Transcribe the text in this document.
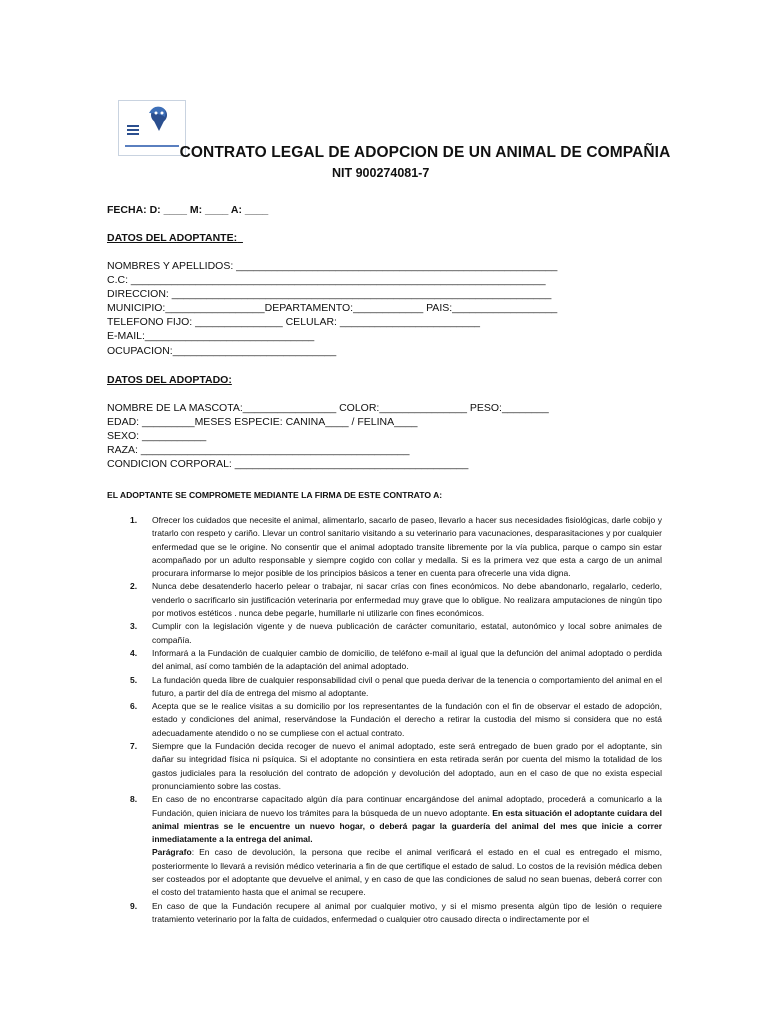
CONTRATO LEGAL DE ADOPCION DE UN ANIMAL DE COMPAÑIA
NIT 900274081-7
FECHA: D: ____ M: ____ A: ____
DATOS DEL ADOPTANTE:
NOMBRES Y APELLIDOS: _______________________________________________________
C.C: _______________________________________________________________________
DIRECCION: _________________________________________________________________
MUNICIPIO:_________________DEPARTAMENTO:____________ PAIS:__________________
TELEFONO FIJO: _______________ CELULAR: ________________________
E-MAIL:_____________________________
OCUPACION:____________________________
DATOS DEL ADOPTADO:
NOMBRE DE LA MASCOTA:________________ COLOR:_______________ PESO:________
EDAD: _________MESES ESPECIE: CANINA____ / FELINA____
SEXO: ___________
RAZA: ______________________________________________
CONDICION CORPORAL: ________________________________________
EL ADOPTANTE SE COMPROMETE MEDIANTE LA FIRMA DE ESTE CONTRATO A:
1. Ofrecer los cuidados que necesite el animal, alimentarlo, sacarlo de paseo, llevarlo a hacer sus necesidades fisiológicas, darle cobijo y tratarlo con respeto y cariño. Llevar un control sanitario visitando a su veterinario para vacunaciones, desparasitaciones y por cualquier enfermedad que se le origine. No consentir que el animal adoptado transite libremente por la vía publica, parque o campo sin estar acompañado por un adulto responsable y siempre cogido con collar y medalla. Si es la primera vez que esta a cargo de un animal procurara informarse lo mejor posible de los principios básicos a tener en cuenta para ofrecerle una vida digna.

2. Nunca debe desatenderlo hacerlo pelear o trabajar, ni sacar crías con fines económicos. No debe abandonarlo, regalarlo, cederlo, venderlo o sacrificarlo sin justificación veterinaria por enfermedad muy grave que lo obligue. No realizara amputaciones de ningún tipo por motivos estéticos . nunca debe pegarle, humillarle ni utilizarle con fines económicos.

3. Cumplir con la legislación vigente y de nueva publicación de carácter comunitario, estatal, autonómico y local sobre animales de compañía.

4. Informará a la Fundación de cualquier cambio de domicilio, de teléfono e-mail al igual que la defunción del animal adoptado o perdida del animal, así como también de la adaptación del animal adoptado.

5. La fundación queda libre de cualquier responsabilidad civil o penal que pueda derivar de la tenencia o comportamiento del animal en el futuro, a partir del día de entrega del mismo al adoptante.

6. Acepta que se le realice visitas a su domicilio por los representantes de la fundación con el fin de observar el estado de adopción, estado y condiciones del animal, reservándose la Fundación el derecho a retirar la custodia del mismo si considera que no está adecuadamente atendido o no se cumpliese con el actual contrato.

7. Siempre que la Fundación decida recoger de nuevo el animal adoptado, este será entregado de buen grado por el adoptante, sin dañar su integridad física ni psíquica. Si el adoptante no consintiera en esta retirada serán por cuenta del mismo la totalidad de los gastos judiciales para la resolución del contrato de adopción y devolución del adoptado, aun en el caso de que no exista especial pronunciamiento sobre las costas.

8. En caso de no encontrarse capacitado algún día para continuar encargándose del animal adoptado, procederá a comunicarlo a la Fundación, quien iniciara de nuevo los trámites para la búsqueda de un nuevo adoptante. En esta situación el adoptante cuidara del animal mientras se le encuentre un nuevo hogar, o deberá pagar la guardería del animal del mes que inicie a correr inmediatamente a la entrega del animal.

Parágrafo: En caso de devolución, la persona que recibe el animal verificará el estado en el cual es entregado el mismo, posteriormente lo llevará a revisión médico veterinaria a fin de que certifique el estado de salud. Lo costos de la revisión médica deben ser costeados por el adoptante que devuelve el animal, y en caso de que las condiciones de salud no sean buenas, deberá correr con el costo del tratamiento hasta que el animal se recupere.

9. En caso de que la Fundación recupere al animal por cualquier motivo, y si el mismo presenta algún tipo de lesión o requiere tratamiento veterinario por la falta de cuidados, enfermedad o cualquier otro causado directa o indirectamente por el
